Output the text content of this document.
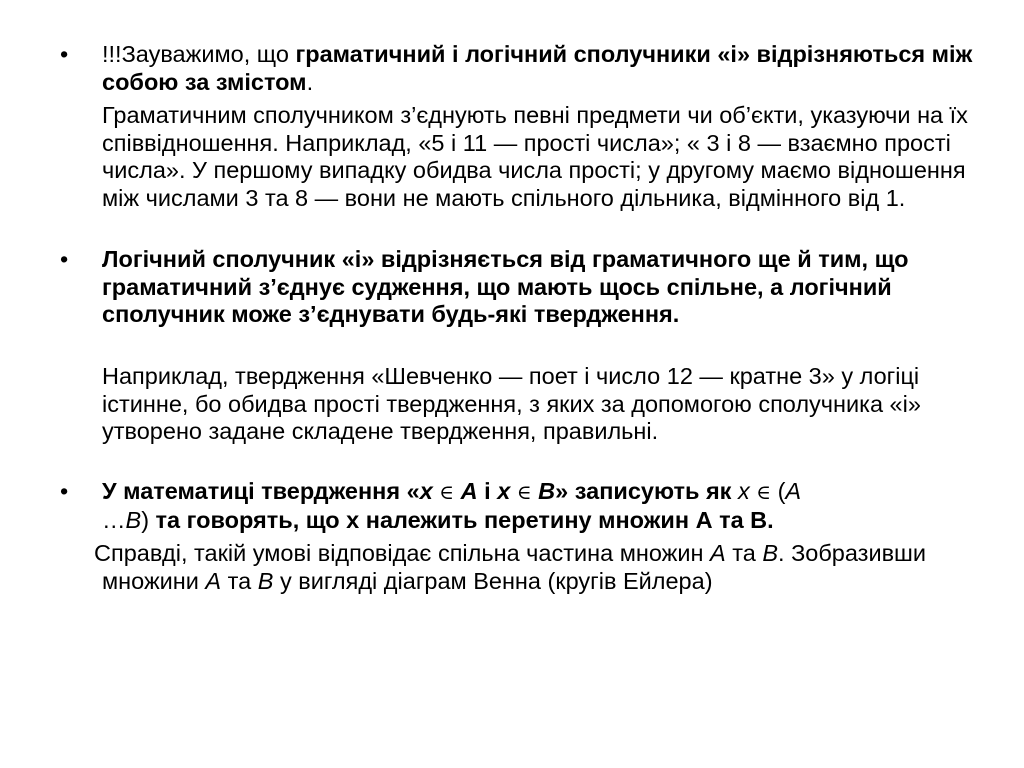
• !!!Зауважимо, що граматичний і логічний сполучники «і» відрізняються між собою за змістом.

Граматичним сполучником з’єднують певні предмети чи об’єкти, указуючи на їх співвідношення. Наприклад, «5 і 11 — прості числа»; « 3 і 8 — взаємно прості числа». У першому випадку обидва числа прості; у другому маємо відношення між числами 3 та 8 — вони не мають спільного дільника, відмінного від 1.

• Логічний сполучник «і» відрізняється від граматичного ще й тим, що граматичний з’єднує судження, що мають щось спільне, а логічний сполучник може з’єднувати будь-які твердження.

Наприклад, твердження «Шевченко — поет і число 12 — кратне 3» у логіці істинне, бо обидва прості твердження, з яких за допомогою сполучника «і» утворено задане складене твердження, правильні.

• У математиці твердження «x ∈ A і x ∈ B» записують як x ∈ (A
…B) та говорять, що x належить перетину множин А та В.

Справді, такій умові відповідає спільна частина множин A та B. Зобразивши множини A та B у вигляді діаграм Венна (кругів Ейлера)
